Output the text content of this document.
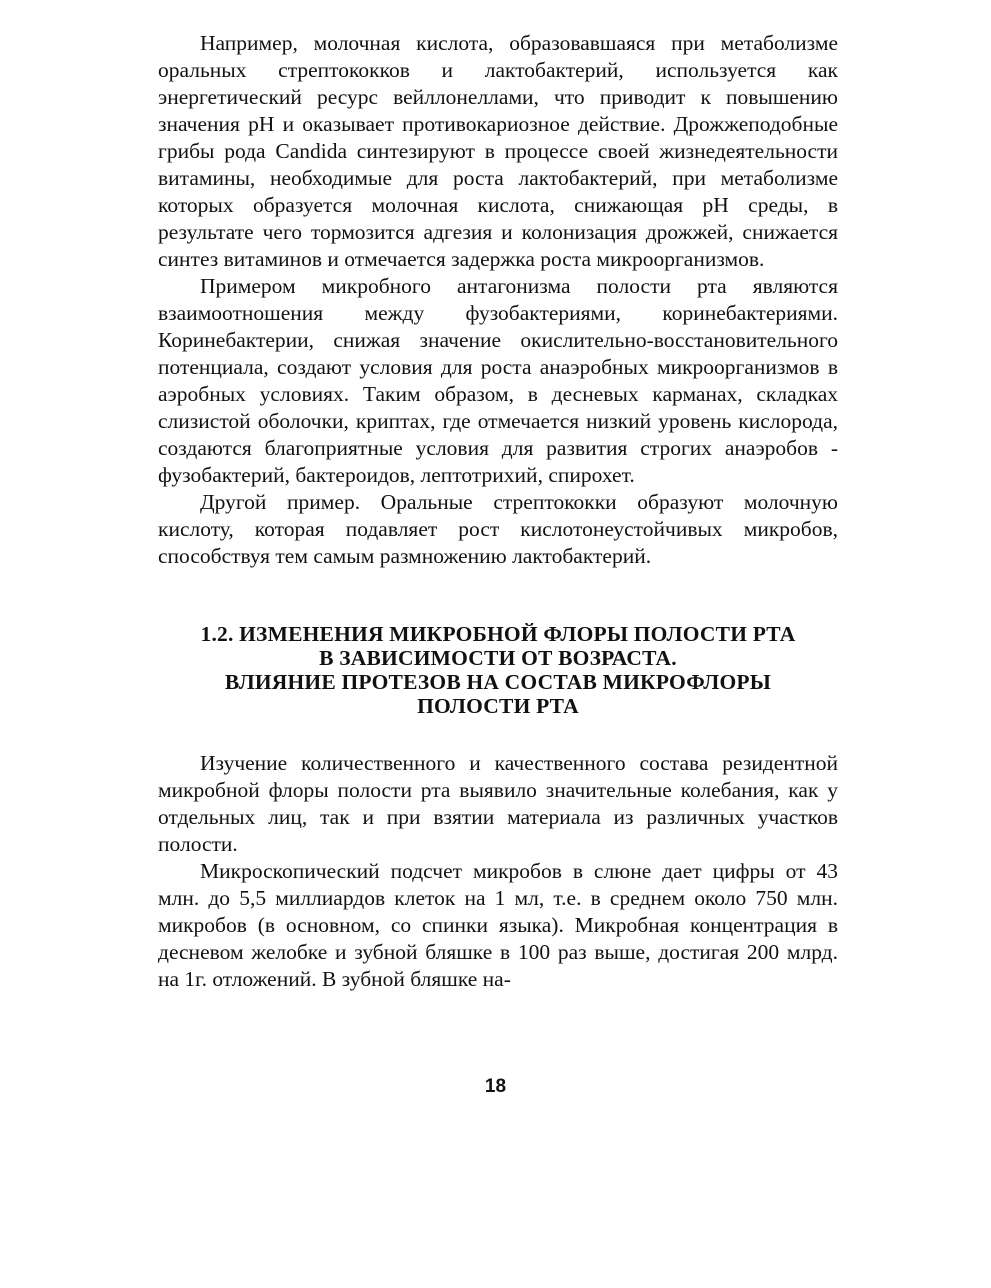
Например, молочная кислота, образовавшаяся при метаболизме оральных стрептококков и лактобактерий, используется как энергетический ресурс вейллонеллами, что приводит к повышению значения pH и оказывает противокариозное действие. Дрожжеподобные грибы рода Candida синтезируют в процессе своей жизнедеятельности витамины, необходимые для роста лактобактерий, при метаболизме которых образуется молочная кислота, снижающая pH среды, в результате чего тормозится адгезия и колонизация дрожжей, снижается синтез витаминов и отмечается задержка роста микроорганизмов.

Примером микробного антагонизма полости рта являются взаимоотношения между фузобактериями, коринебактериями. Коринебактерии, снижая значение окислительно-восстановительного потенциала, создают условия для роста анаэробных микроорганизмов в аэробных условиях. Таким образом, в десневых карманах, складках слизистой оболочки, криптах, где отмечается низкий уровень кислорода, создаются благоприятные условия для развития строгих анаэробов - фузобактерий, бактероидов, лептотрихий, спирохет.

Другой пример. Оральные стрептококки образуют молочную кислоту, которая подавляет рост кислотонеустойчивых микробов, способствуя тем самым размножению лактобактерий.

1.2. ИЗМЕНЕНИЯ МИКРОБНОЙ ФЛОРЫ ПОЛОСТИ РТА
В ЗАВИСИМОСТИ ОТ ВОЗРАСТА.
ВЛИЯНИЕ ПРОТЕЗОВ НА СОСТАВ МИКРОФЛОРЫ
ПОЛОСТИ РТА

Изучение количественного и качественного состава резидентной микробной флоры полости рта выявило значительные колебания, как у отдельных лиц, так и при взятии материала из различных участков полости.

Микроскопический подсчет микробов в слюне дает цифры от 43 млн. до 5,5 миллиардов клеток на 1 мл, т.е. в среднем около 750 млн. микробов (в основном, со спинки языка). Микробная концентрация в десневом желобке и зубной бляшке в 100 раз выше, достигая 200 млрд. на 1г. отложений. В зубной бляшке на-

18
